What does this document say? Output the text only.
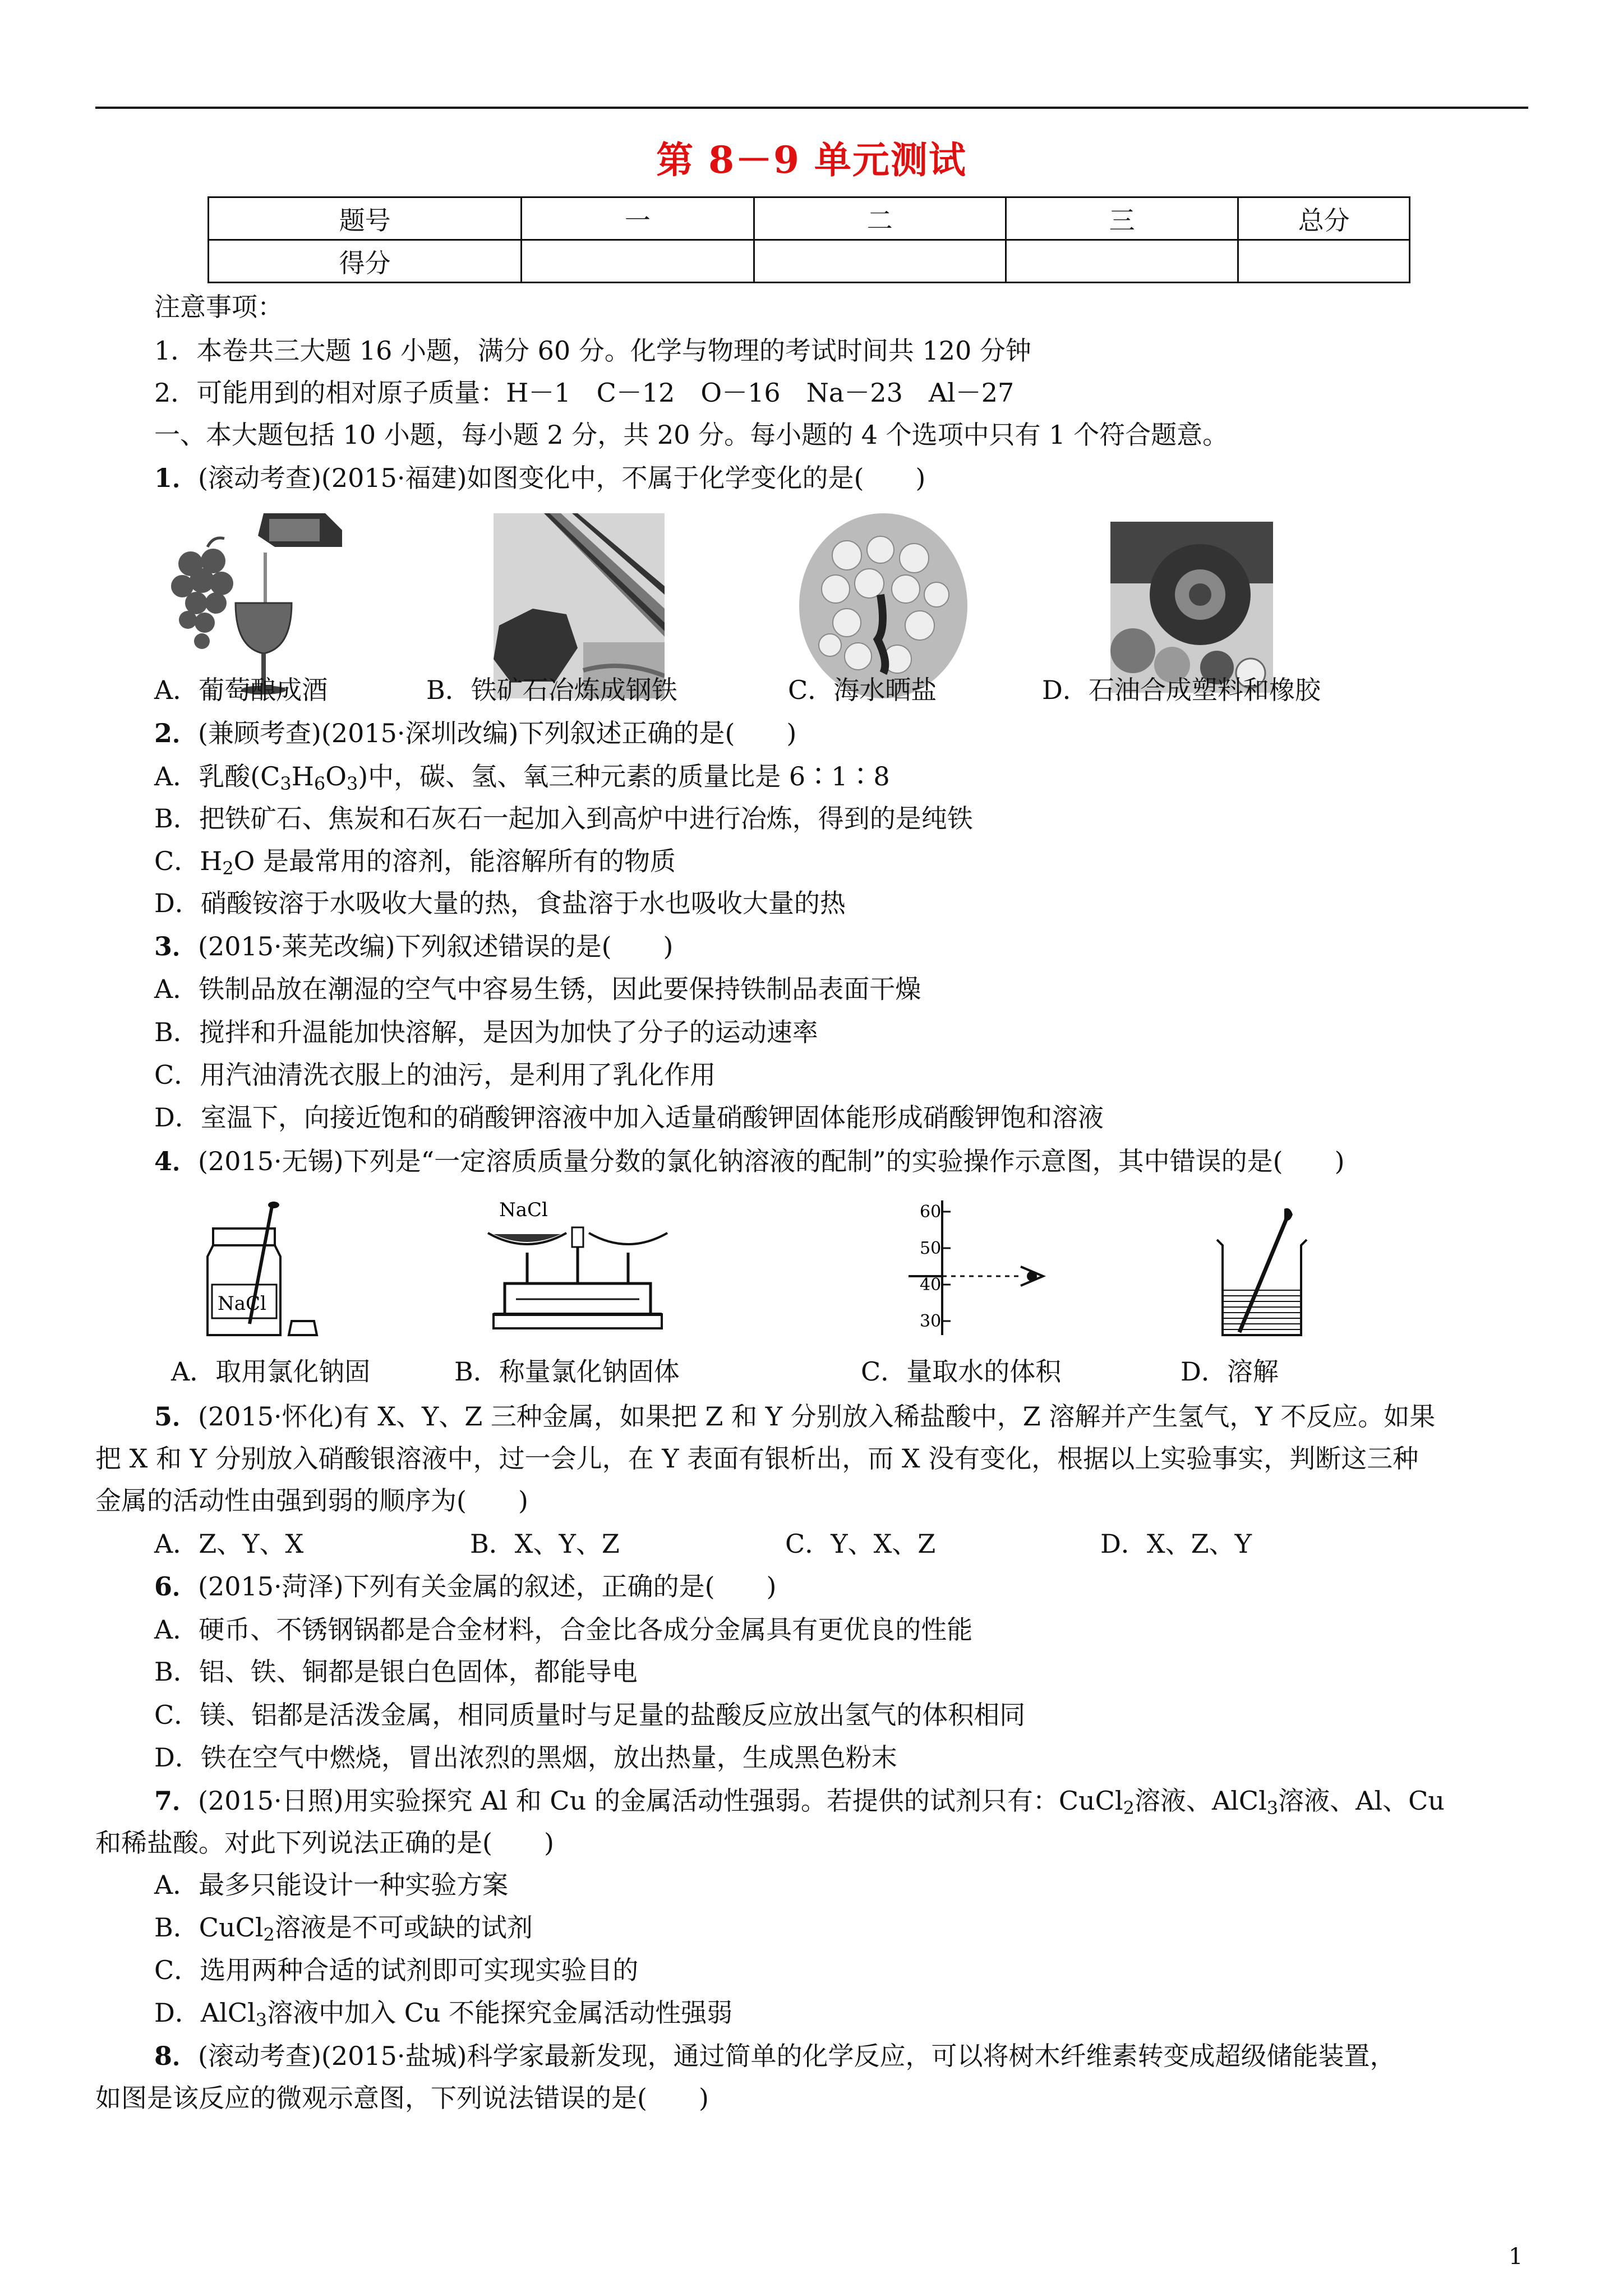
第 8－9 单元测试
题号	一	二	三	总分
得分				
注意事项：
1．本卷共三大题 16 小题，满分 60 分。化学与物理的考试时间共 120 分钟
2．可能用到的相对原子质量：H－1　C－12　O－16　Na－23　Al－27
一、本大题包括 10 小题，每小题 2 分，共 20 分。每小题的 4 个选项中只有 1 个符合题意。
1．(滚动考查)(2015·福建)如图变化中，不属于化学变化的是(　　)
A．葡萄酿成酒	B．铁矿石冶炼成钢铁	C．海水晒盐	D．石油合成塑料和橡胶
2．(兼顾考查)(2015·深圳改编)下列叙述正确的是(　　)
A．乳酸$(C_3H_6O_3)$中，碳、氢、氧三种元素的质量比是 6∶1∶8
B．把铁矿石、焦炭和石灰石一起加入到高炉中进行冶炼，得到的是纯铁
C．$H_2O$ 是最常用的溶剂，能溶解所有的物质
D．硝酸铵溶于水吸收大量的热，食盐溶于水也吸收大量的热
3．(2015·莱芜改编)下列叙述错误的是(　　)
A．铁制品放在潮湿的空气中容易生锈，因此要保持铁制品表面干燥
B．搅拌和升温能加快溶解，是因为加快了分子的运动速率
C．用汽油清洗衣服上的油污，是利用了乳化作用
D．室温下，向接近饱和的硝酸钾溶液中加入适量硝酸钾固体能形成硝酸钾饱和溶液
4．(2015·无锡)下列是“一定溶质质量分数的氯化钠溶液的配制”的实验操作示意图，其中错误的是(　　)
NaCl
NaCl	60
50
40
30
A．取用氯化钠固	B．称量氯化钠固体	C．量取水的体积	D．溶解
5．(2015·怀化)有 X、Y、Z 三种金属，如果把 Z 和 Y 分别放入稀盐酸中，Z 溶解并产生氢气，Y 不反应。如果
把 X 和 Y 分别放入硝酸银溶液中，过一会儿，在 Y 表面有银析出，而 X 没有变化，根据以上实验事实，判断这三种
金属的活动性由强到弱的顺序为(　　)
A．Z、Y、X	B．X、Y、Z	C．Y、X、Z	D．X、Z、Y
6．(2015·菏泽)下列有关金属的叙述，正确的是(　　)
A．硬币、不锈钢锅都是合金材料，合金比各成分金属具有更优良的性能
B．铝、铁、铜都是银白色固体，都能导电
C．镁、铝都是活泼金属，相同质量时与足量的盐酸反应放出氢气的体积相同
D．铁在空气中燃烧，冒出浓烈的黑烟，放出热量，生成黑色粉末
7．(2015·日照)用实验探究 Al 和 Cu 的金属活动性强弱。若提供的试剂只有：CuCl$_2$溶液、AlCl$_3$溶液、Al、Cu
和稀盐酸。对此下列说法正确的是(　　)
A．最多只能设计一种实验方案
B．CuCl$_2$溶液是不可或缺的试剂
C．选用两种合适的试剂即可实现实验目的
D．AlCl$_3$溶液中加入 Cu 不能探究金属活动性强弱
8．(滚动考查)(2015·盐城)科学家最新发现，通过简单的化学反应，可以将树木纤维素转变成超级储能装置，
如图是该反应的微观示意图，下列说法错误的是(　　)
1
